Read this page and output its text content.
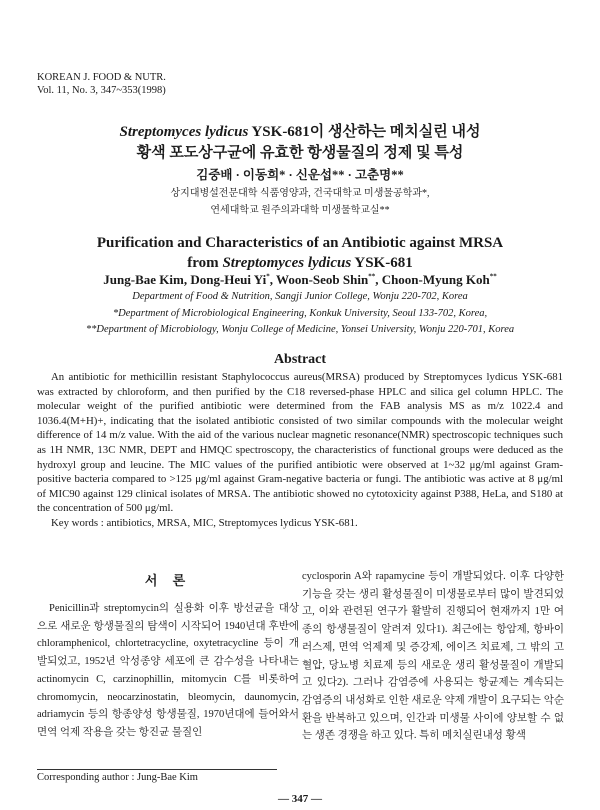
KOREAN J. FOOD & NUTR.
Vol. 11, No. 3, 347~353(1998)
Streptomyces lydicus YSK-681이 생산하는 메치실린 내성
황색 포도상구균에 유효한 항생물질의 정제 및 특성
김중배 · 이동희* · 신운섭** · 고춘명**
상지대병설전문대학 식품영양과, 건국대학교 미생물공학과*,
연세대학교 원주의과대학 미생물학교실**
Purification and Characteristics of an Antibiotic against MRSA
from Streptomyces lydicus YSK-681
Jung-Bae Kim, Dong-Heui Yi*, Woon-Seob Shin**, Choon-Myung Koh**
Department of Food & Nutrition, Sangji Junior College, Wonju 220-702, Korea
*Department of Microbiological Engineering, Konkuk University, Seoul 133-702, Korea,
**Department of Microbiology, Wonju College of Medicine, Yonsei University, Wonju 220-701, Korea
Abstract

An antibiotic for methicillin resistant Staphylococcus aureus(MRSA) produced by Streptomyces lydicus YSK-681 was extracted by chloroform, and then purified by the C18 reversed-phase HPLC and silica gel column HPLC. The molecular weight of the purified antibiotic were determined from the FAB analysis MS as m/z 1022.4 and 1036.4(M+H)+, indicating that the isolated antibiotic consisted of two similar compounds with the molecular weight difference of 14 m/z value. With the aid of the various nuclear magnetic resonance(NMR) spectroscopic techniques such as 1H NMR, 13C NMR, DEPT and HMQC spectroscopy, the characteristics of functional groups were deduced as the hydroxyl group and leucine. The MIC values of the purified antibiotic were observed at 1~32 μg/ml against Gram-positive bacteria compared to >125 μg/ml against Gram-negative bacteria or fungi. The antibiotic was active at 8 μg/ml of MIC90 against 129 clinical isolates of MRSA. The antibiotic showed no cytotoxicity against P388, HeLa, and S180 at the concentration of 500 μg/ml.

Key words : antibiotics, MRSA, MIC, Streptomyces lydicus YSK-681.

서 론

Penicillin과 streptomycin의 실용화 이후 방선균을 대상으로 새로운 항생물질의 탐색이 시작되어 1940년대 후반에 chloramphenicol, chlortetracycline, oxytetracycline 등이 개발되었고, 1952년 악성종양 세포에 큰 감수성을 나타내는 actinomycin C, carzinophillin, mitomycin C를 비롯하여 chromomycin, neocarzinostatin, bleomycin, daunomycin, adriamycin 등의 항종양성 항생물질, 1970년대에 들어와서 면역 억제 작용을 갖는 항진균 물질인

cyclosporin A와 rapamycine 등이 개발되었다. 이후 다양한 기능을 갖는 생리 활성물질이 미생물로부터 많이 발견되었고, 이와 관련된 연구가 활발히 진행되어 현재까지 1만 여종의 항생물질이 알려져 있다1). 최근에는 항암제, 항바이러스제, 면역 억제제 및 증강제, 에이즈 치료제, 그 밖의 고혈압, 당뇨병 치료제 등의 새로운 생리 활성물질이 개발되고 있다2). 그러나 감염증에 사용되는 항균제는 계속되는 감염증의 내성화로 인한 새로운 약제 개발이 요구되는 악순환을 반복하고 있으며, 인간과 미생물 사이에 양보할 수 없는 생존 경쟁을 하고 있다. 특히 메치실린내성 황색

Corresponding author : Jung-Bae Kim
— 347 —
